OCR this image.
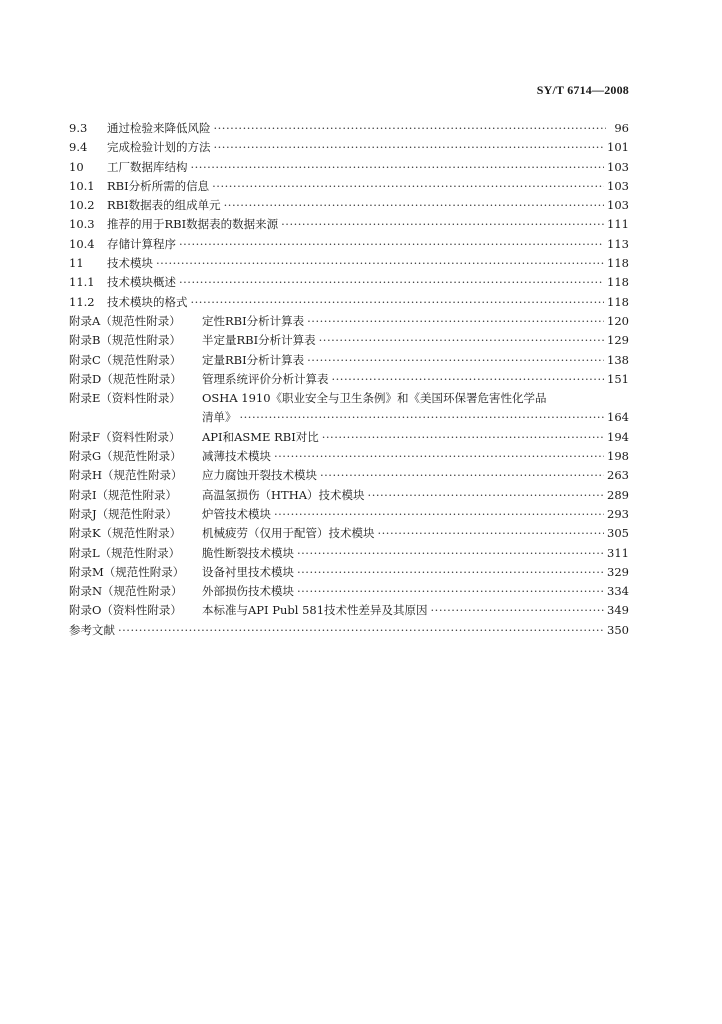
SY/T 6714—2008
9.3	通过检验来降低风险 ·····	96
9.4	完成检验计划的方法 ·····	101
10	工厂数据库结构 ·····	103
10.1	RBI分析所需的信息 ·····	103
10.2	RBI数据表的组成单元 ·····	103
10.3	推荐的用于RBI数据表的数据来源 ·····	111
10.4	存储计算程序 ·····	113
11	技术模块 ·····	118
11.1	技术模块概述 ·····	118
11.2	技术模块的格式 ·····	118
附录A（规范性附录）	定性RBI分析计算表 ·····	120
附录B（规范性附录）	半定量RBI分析计算表 ·····	129
附录C（规范性附录）	定量RBI分析计算表 ·····	138
附录D（规范性附录）	管理系统评价分析计算表 ·····	151
附录E（资料性附录）	OSHA 1910《职业安全与卫生条例》和《美国环保署危害性化学品
清单》 ·····	164
附录F（资料性附录）	API和ASME RBI对比 ·····	194
附录G（规范性附录）	减薄技术模块 ·····	198
附录H（规范性附录）	应力腐蚀开裂技术模块 ·····	263
附录I（规范性附录）	高温氢损伤（HTHA）技术模块 ·····	289
附录J（规范性附录）	炉管技术模块 ·····	293
附录K（规范性附录）	机械疲劳（仅用于配管）技术模块 ·····	305
附录L（规范性附录）	脆性断裂技术模块 ·····	311
附录M（规范性附录）	设备衬里技术模块 ·····	329
附录N（规范性附录）	外部损伤技术模块 ·····	334
附录O（资料性附录）	本标准与API Publ 581技术性差异及其原因 ·····	349
参考文献 ·····	350
